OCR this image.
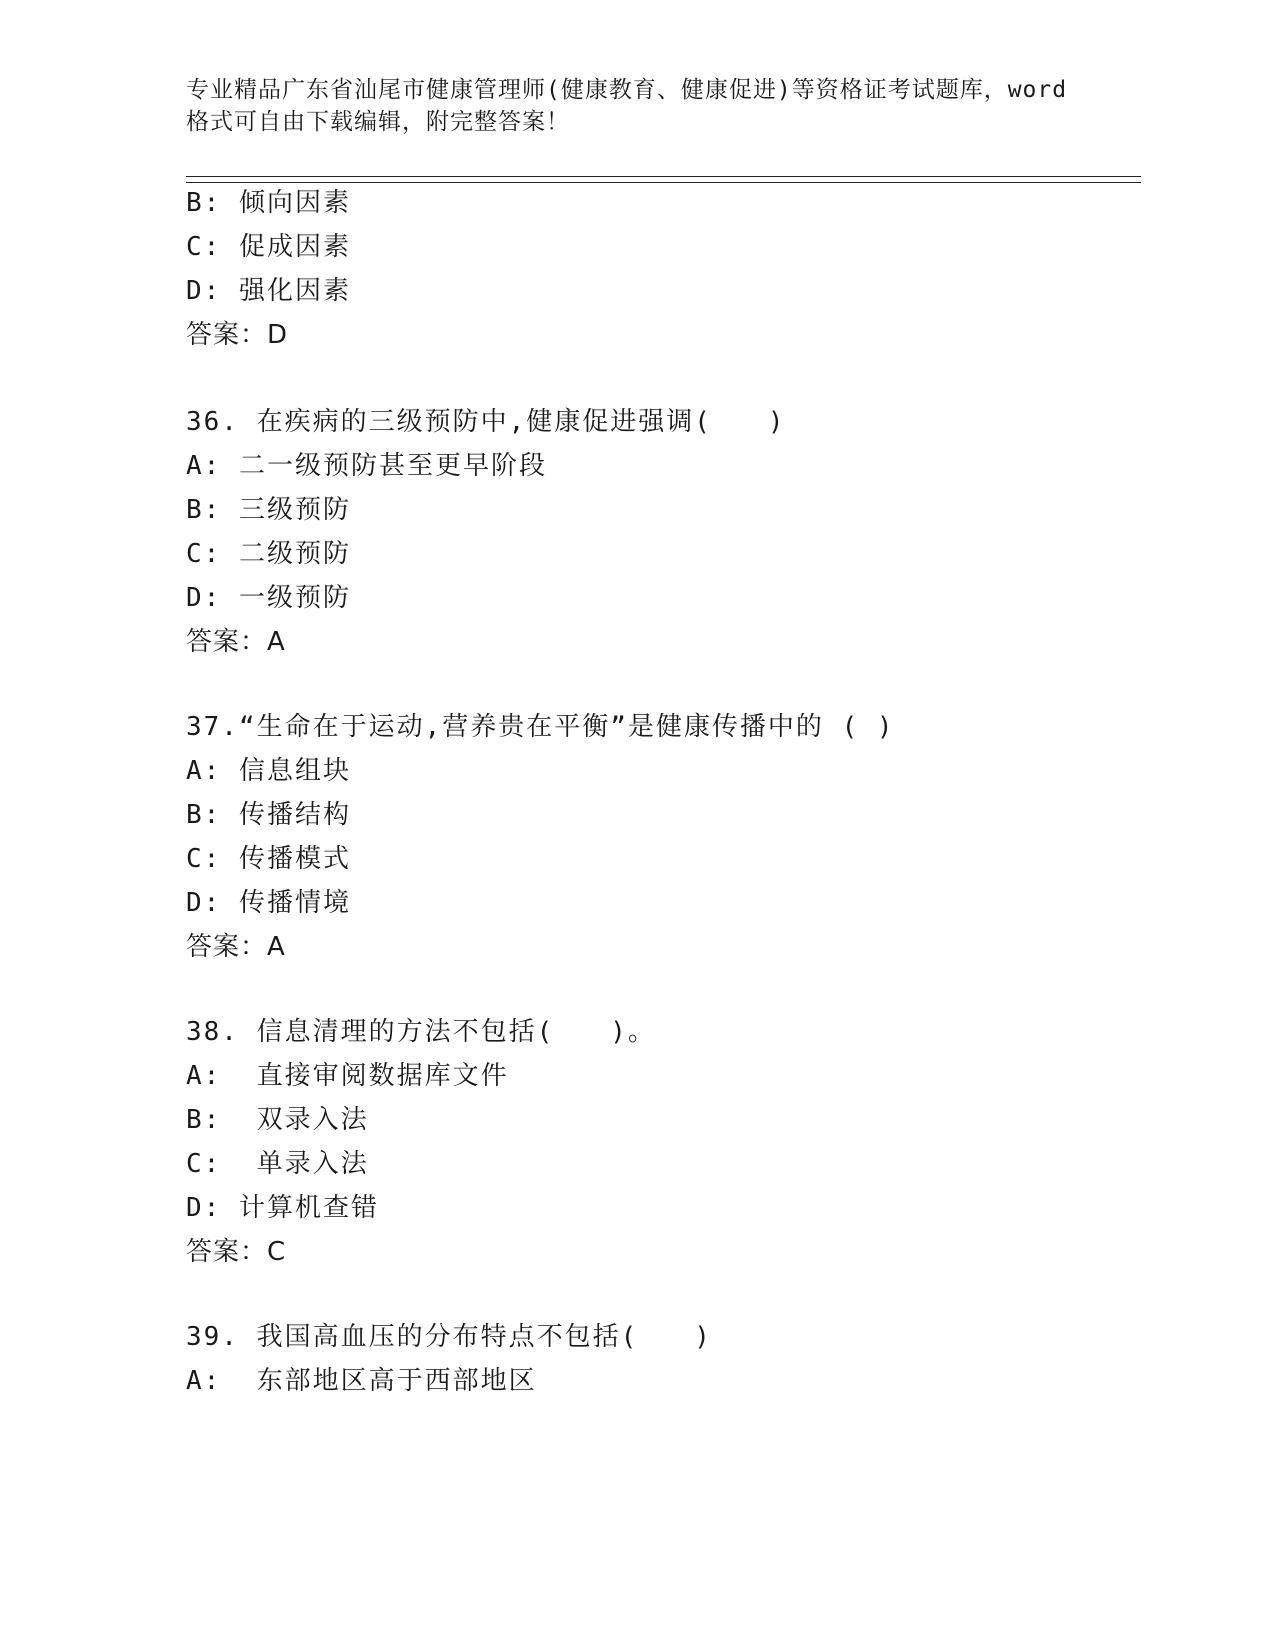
专业精品广东省汕尾市健康管理师(健康教育、健康促进)等资格证考试题库，word
格式可自由下载编辑，附完整答案！
B: 倾向因素
C: 促成因素
D: 强化因素
答案：D
36. 在疾病的三级预防中,健康促进强调(　　)
A: 二一级预防甚至更早阶段
B: 三级预防
C: 二级预防
D: 一级预防
答案：A
37.“生命在于运动,营养贵在平衡”是健康传播中的 ( )
A: 信息组块
B: 传播结构
C: 传播模式
D: 传播情境
答案：A
38. 信息清理的方法不包括(　　)。
A:  直接审阅数据库文件
B:  双录入法
C:  单录入法
D: 计算机查错
答案：C
39. 我国高血压的分布特点不包括(　　)
A:  东部地区高于西部地区
